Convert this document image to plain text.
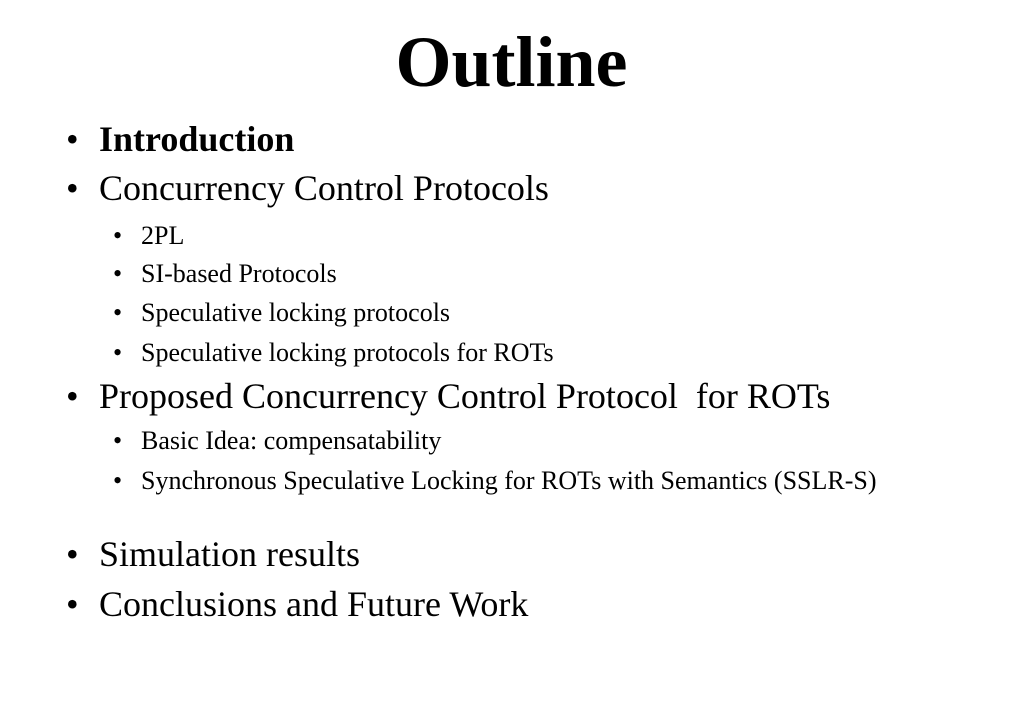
Outline
• Introduction
• Concurrency Control Protocols
• 2PL
• SI-based Protocols
• Speculative locking protocols
• Speculative locking protocols for ROTs
• Proposed Concurrency Control Protocol  for ROTs
• Basic Idea: compensatability
• Synchronous Speculative Locking for ROTs with Semantics (SSLR-S)
• Simulation results
• Conclusions and Future Work
